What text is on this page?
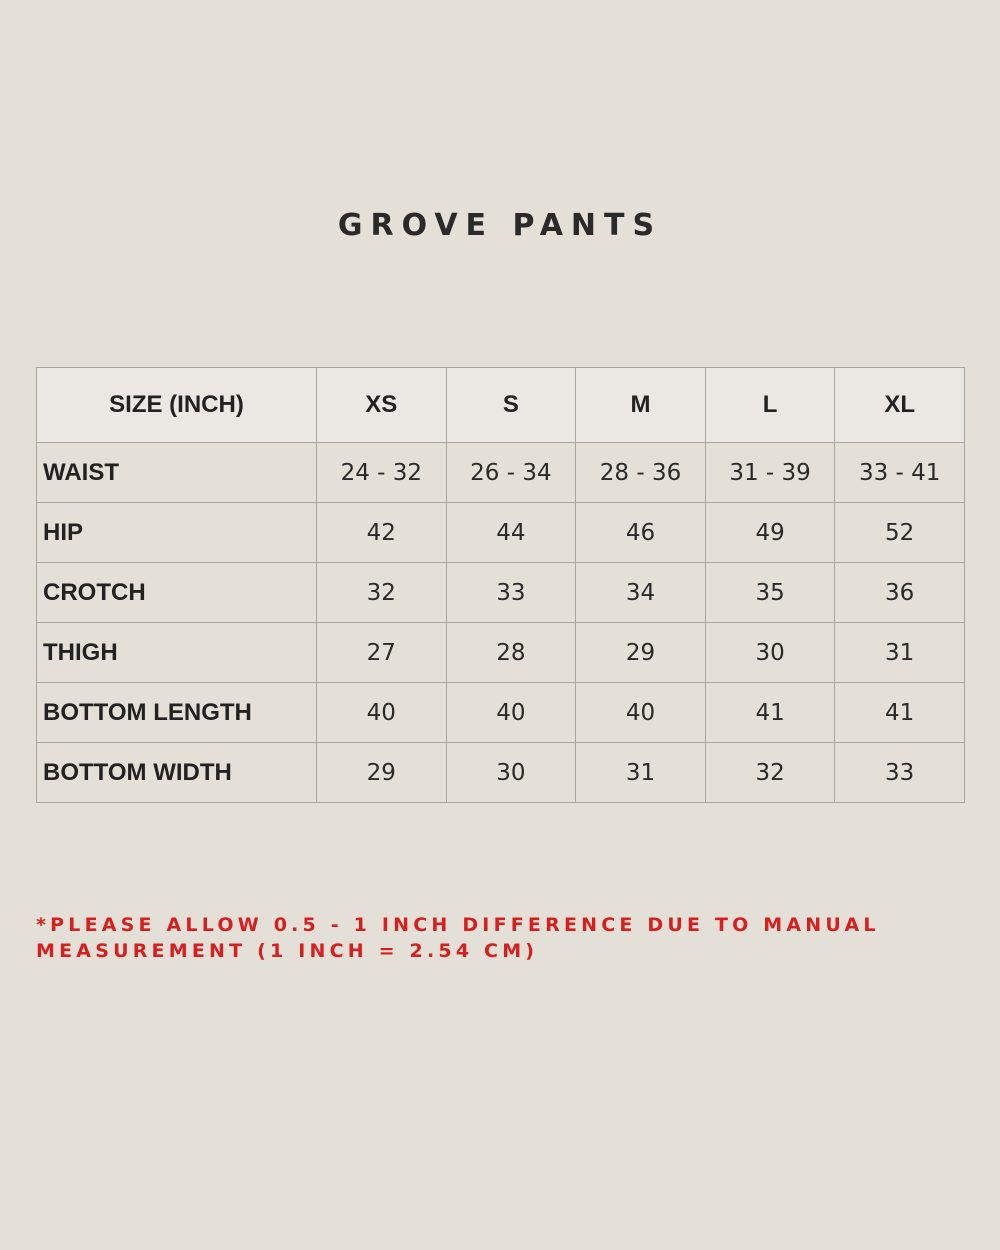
GROVE PANTS
SIZE (INCH)	XS	S	M	L	XL
WAIST	24 - 32	26 - 34	28 - 36	31 - 39	33 - 41
HIP	42	44	46	49	52
CROTCH	32	33	34	35	36
THIGH	27	28	29	30	31
BOTTOM LENGTH	40	40	40	41	41
BOTTOM WIDTH	29	30	31	32	33
*PLEASE ALLOW 0.5 - 1 INCH DIFFERENCE DUE TO MANUAL
MEASUREMENT (1 INCH = 2.54 CM)
